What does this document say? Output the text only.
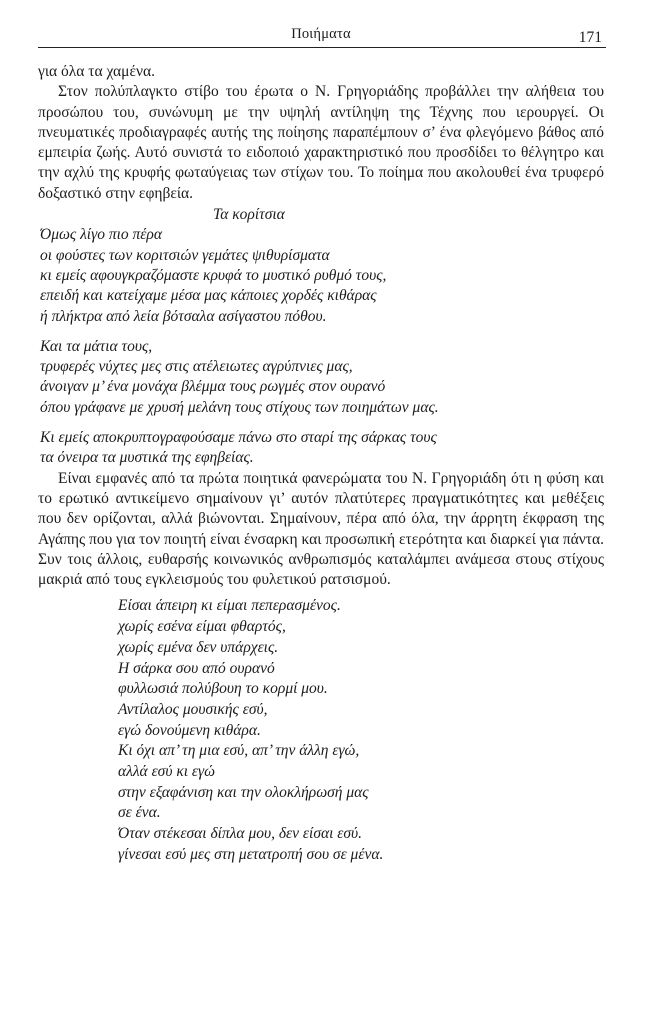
Ποιήματα	171

για όλα τα χαμένα.

Στον πολύπλαγκτο στίβο του έρωτα ο Ν. Γρηγοριάδης προβάλλει την αλήθεια του προσώπου του, συνώνυμη με την υψηλή αντίληψη της Τέχνης που ιερουργεί. Οι πνευματικές προδιαγραφές αυτής της ποίησης παραπέμπουν σ’ ένα φλεγόμενο βάθος από εμπειρία ζωής. Αυτό συνιστά το ειδοποιό χαρακτηριστικό που προσδίδει το θέλγητρο και την αχλύ της κρυφής φωταύγειας των στίχων του. Το ποίημα που ακολουθεί ένα τρυφερό δοξαστικό στην εφηβεία.

Τα κορίτσια
Όμως λίγο πιο πέρα
οι φούστες των κοριτσιών γεμάτες ψιθυρίσματα
κι εμείς αφουγκραζόμαστε κρυφά το μυστικό ρυθμό τους,
επειδή και κατείχαμε μέσα μας κάποιες χορδές κιθάρας
ή πλήκτρα από λεία βότσαλα ασίγαστου πόθου.
Και τα μάτια τους,
τρυφερές νύχτες μες στις ατέλειωτες αγρύπνιες μας,
άνοιγαν μ’ ένα μονάχα βλέμμα τους ρωγμές στον ουρανό
όπου γράφανε με χρυσή μελάνη τους στίχους των ποιημάτων μας.
Κι εμείς αποκρυπτογραφούσαμε πάνω στο σταρί της σάρκας τους
τα όνειρα τα μυστικά της εφηβείας.

Είναι εμφανές από τα πρώτα ποιητικά φανερώματα του Ν. Γρηγοριάδη ότι η φύση και το ερωτικό αντικείμενο σημαίνουν γι’ αυτόν πλατύτερες πραγματικότητες και μεθέξεις που δεν ορίζονται, αλλά βιώνονται. Σημαίνουν, πέρα από όλα, την άρρητη έκφραση της Αγάπης που για τον ποιητή είναι ένσαρκη και προσωπική ετερότητα και διαρκεί για πάντα. Συν τοις άλλοις, ευθαρσής κοινωνικός ανθρωπισμός καταλάμπει ανάμεσα στους στίχους μακριά από τους εγκλεισμούς του φυλετικού ρατσισμού.

Είσαι άπειρη κι είμαι πεπερασμένος.
χωρίς εσένα είμαι φθαρτός,
χωρίς εμένα δεν υπάρχεις.
Η σάρκα σου από ουρανό
φυλλωσιά πολύβουη το κορμί μου.
Αντίλαλος μουσικής εσύ,
εγώ δονούμενη κιθάρα.
Κι όχι απ’ τη μια εσύ, απ’ την άλλη εγώ,
αλλά εσύ κι εγώ
στην εξαφάνιση και την ολοκλήρωσή μας
σε ένα.
Όταν στέκεσαι δίπλα μου, δεν είσαι εσύ.
γίνεσαι εσύ μες στη μετατροπή σου σε μένα.
